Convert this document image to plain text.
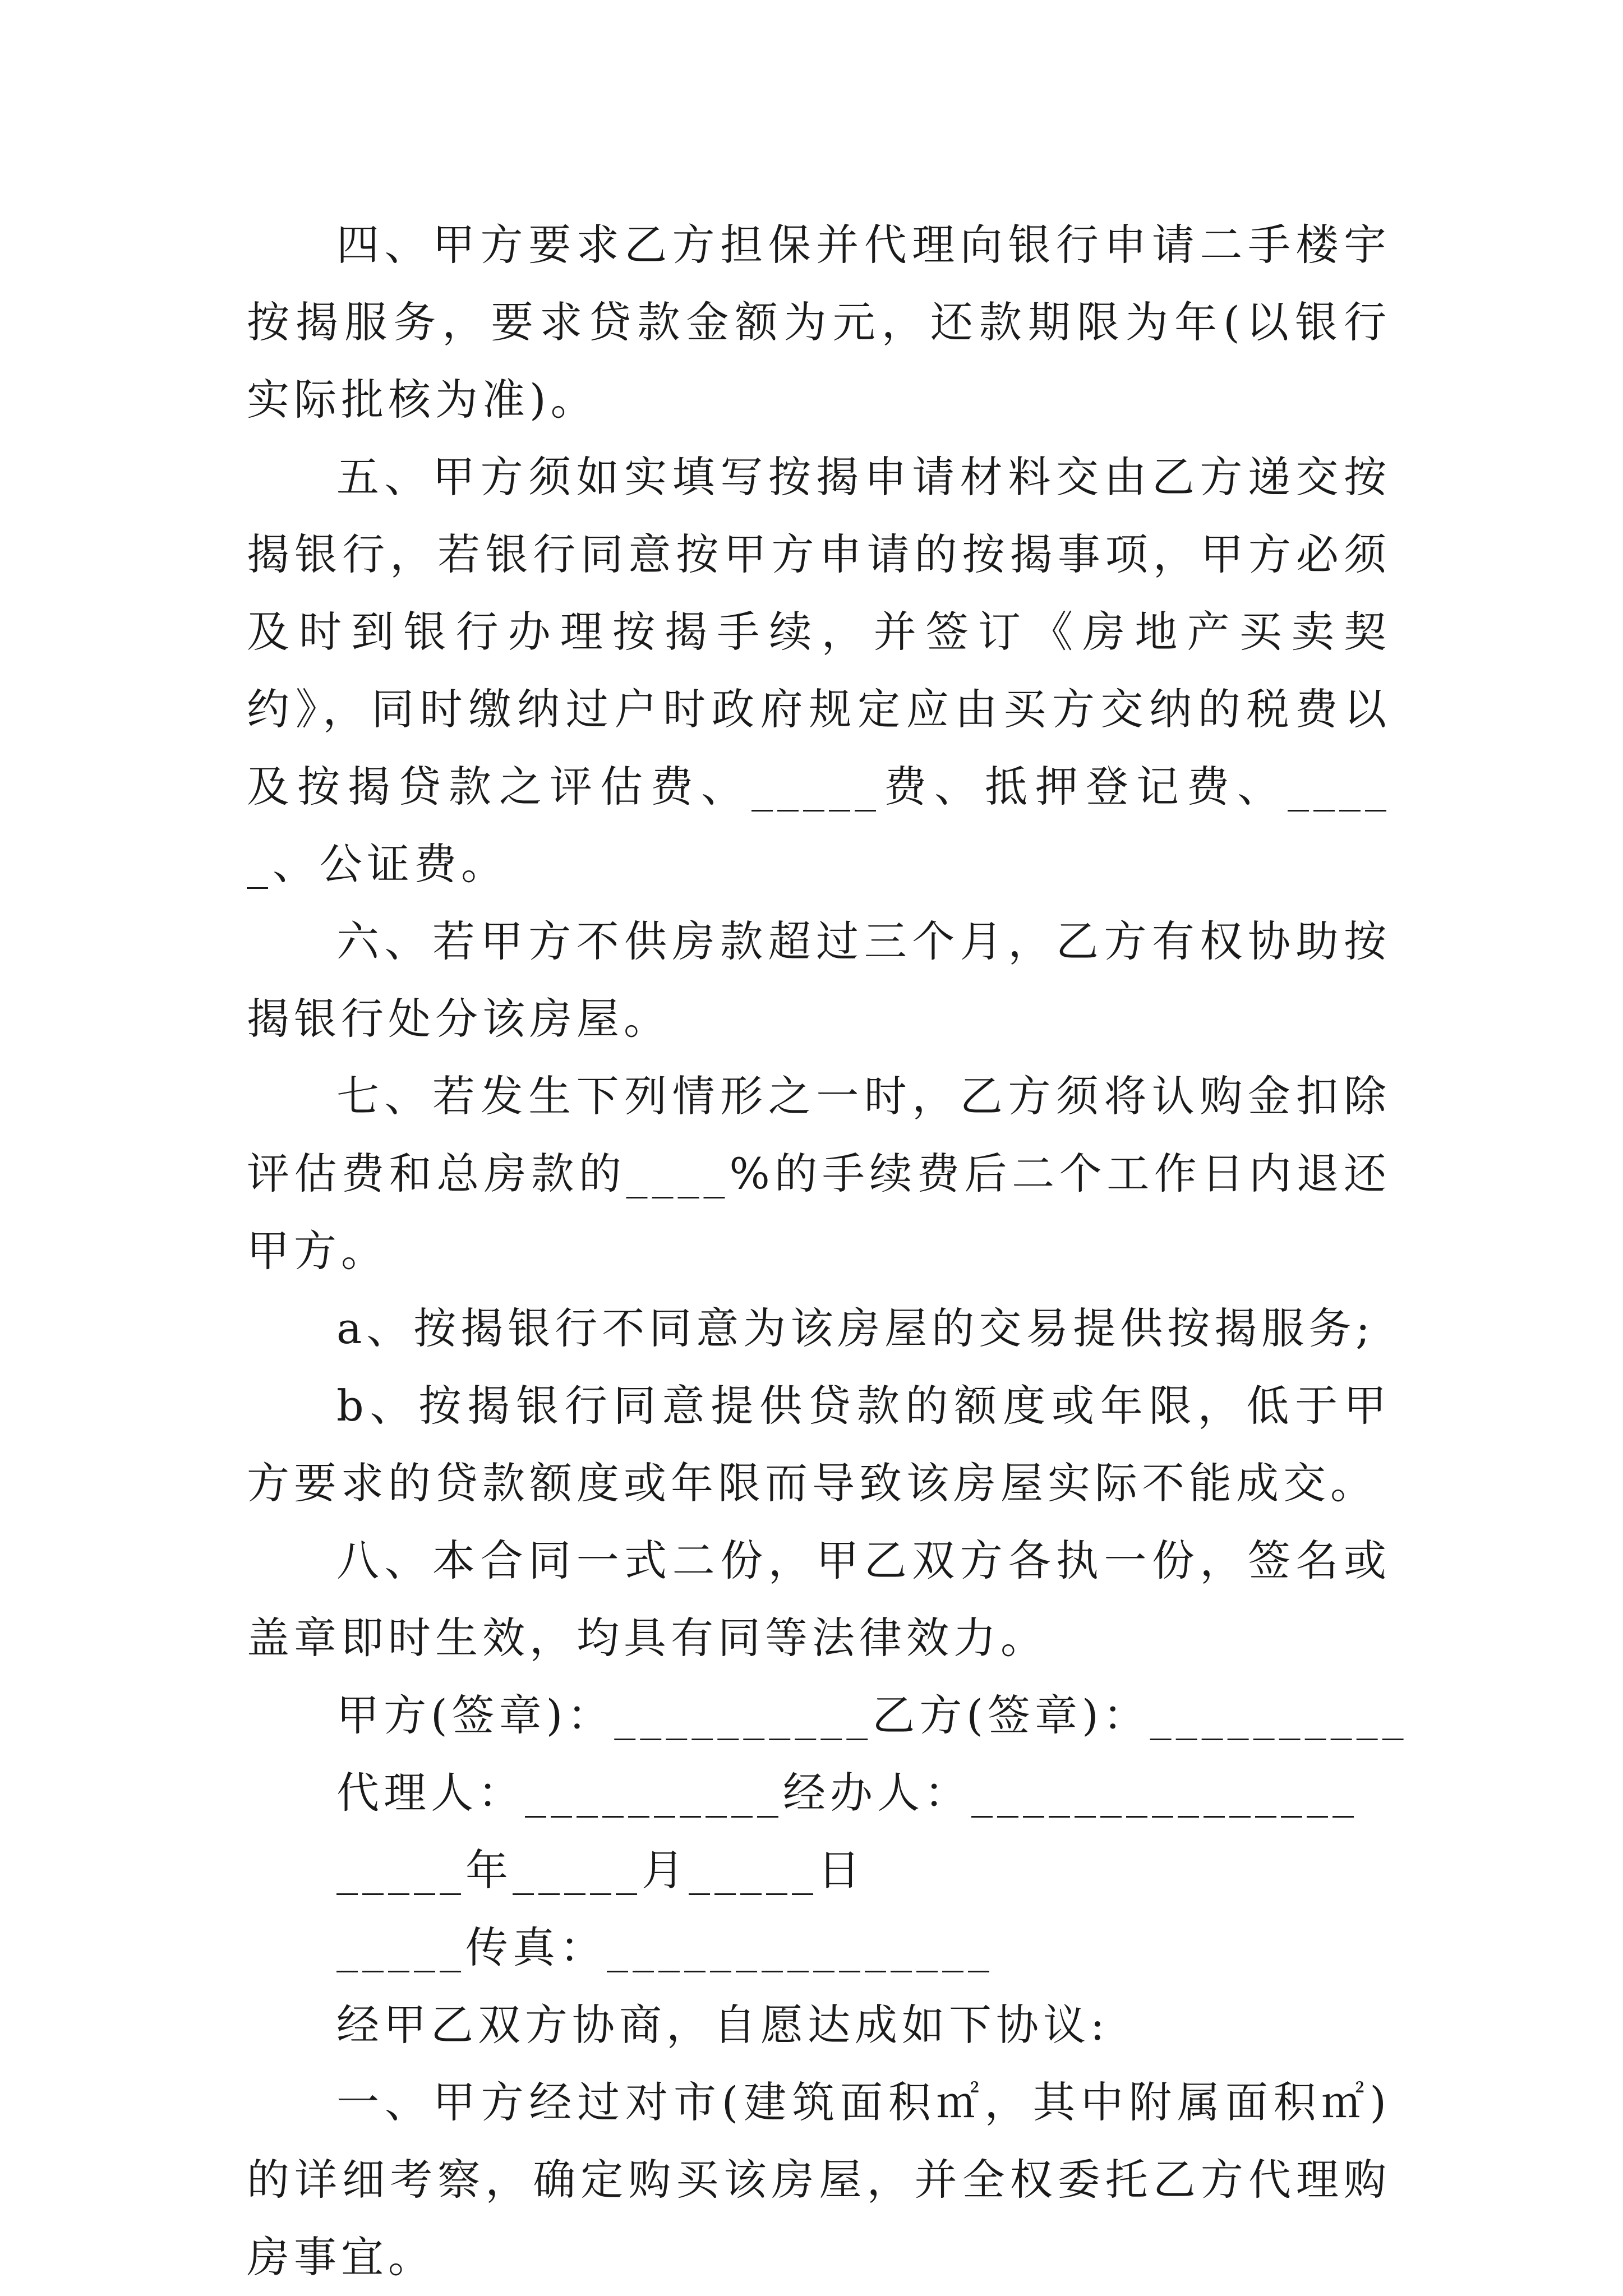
四、甲方要求乙方担保并代理向银行申请二手楼宇按揭服务，要求贷款金额为元，还款期限为年(以银行实际批核为准)。

五、甲方须如实填写按揭申请材料交由乙方递交按揭银行，若银行同意按甲方申请的按揭事项，甲方必须及时到银行办理按揭手续，并签订《房地产买卖契约》，同时缴纳过户时政府规定应由买方交纳的税费以及按揭贷款之评估费、_____费、抵押登记费、_____、公证费。

六、若甲方不供房款超过三个月，乙方有权协助按揭银行处分该房屋。

七、若发生下列情形之一时，乙方须将认购金扣除评估费和总房款的____%的手续费后二个工作日内退还甲方。

a、按揭银行不同意为该房屋的交易提供按揭服务;

b、按揭银行同意提供贷款的额度或年限，低于甲方要求的贷款额度或年限而导致该房屋实际不能成交。

八、本合同一式二份，甲乙双方各执一份，签名或盖章即时生效，均具有同等法律效力。

甲方(签章)：__________乙方(签章)：__________

代理人：__________经办人：_______________

_____年_____月_____日

_____传真：_______________

经甲乙双方协商，自愿达成如下协议:

一、甲方经过对市(建筑面积㎡，其中附属面积㎡)的详细考察，确定购买该房屋，并全权委托乙方代理购房事宜。
